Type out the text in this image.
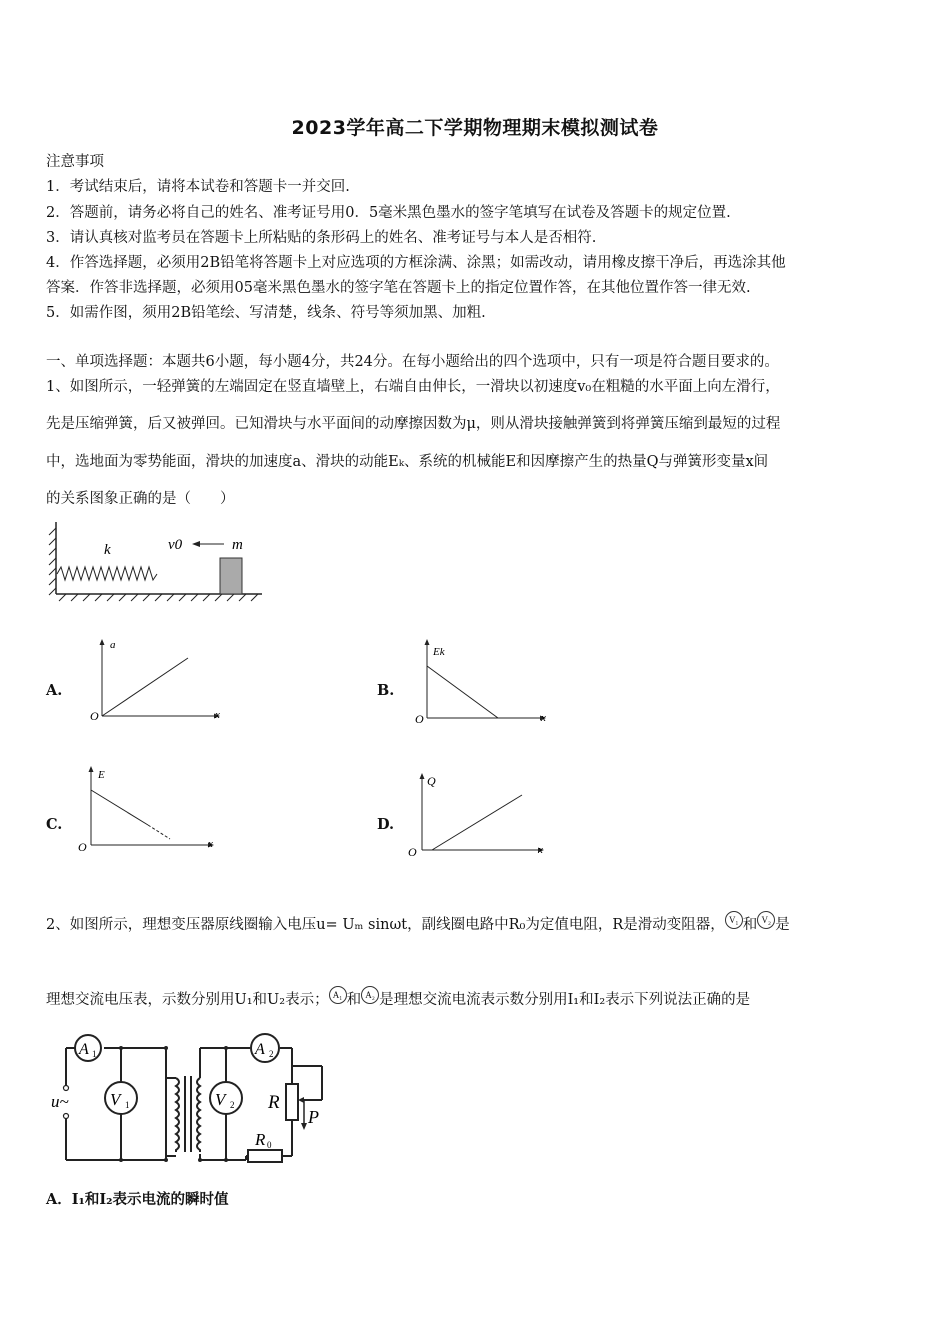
2023学年高二下学期物理期末模拟测试卷
注意事项
1．考试结束后，请将本试卷和答题卡一并交回.
2．答题前，请务必将自己的姓名、准考证号用0．5毫米黑色墨水的签字笔填写在试卷及答题卡的规定位置.
3．请认真核对监考员在答题卡上所粘贴的条形码上的姓名、准考证号与本人是否相符.
4．作答选择题，必须用2B铅笔将答题卡上对应选项的方框涂满、涂黑；如需改动，请用橡皮擦干净后，再选涂其他
答案．作答非选择题，必须用05毫米黑色墨水的签字笔在答题卡上的指定位置作答，在其他位置作答一律无效.
5．如需作图，须用2B铅笔绘、写清楚，线条、符号等须加黑、加粗.
一、单项选择题：本题共6小题，每小题4分，共24分。在每小题给出的四个选项中，只有一项是符合题目要求的。
1、如图所示，一轻弹簧的左端固定在竖直墙壁上，右端自由伸长，一滑块以初速度v₀在粗糙的水平面上向左滑行，
先是压缩弹簧，后又被弹回。已知滑块与水平面间的动摩擦因数为μ，则从滑块接触弹簧到将弹簧压缩到最短的过程
中，选地面为零势能面，滑块的加速度a、滑块的动能Eₖ、系统的机械能E和因摩擦产生的热量Q与弹簧形变量x间
的关系图象正确的是（　　）
k	v0	m
A.
a
x
O
B.
Ek
x
O
C.
E
x
O
D.
Q
x
O
2、如图所示，理想变压器原线圈输入电压u= Uₘ sinωt，副线圈电路中R₀为定值电阻，R是滑动变阻器， V₁ 和 V₂ 是
理想交流电压表，示数分别用U₁和U₂表示； A₁ 和 A₂ 是理想交流电流表示数分别用I₁和I₂表示下列说法正确的是
A 1	A 2
V 1	V 2
u~	R
P
R 0
A．I₁和I₂表示电流的瞬时值
